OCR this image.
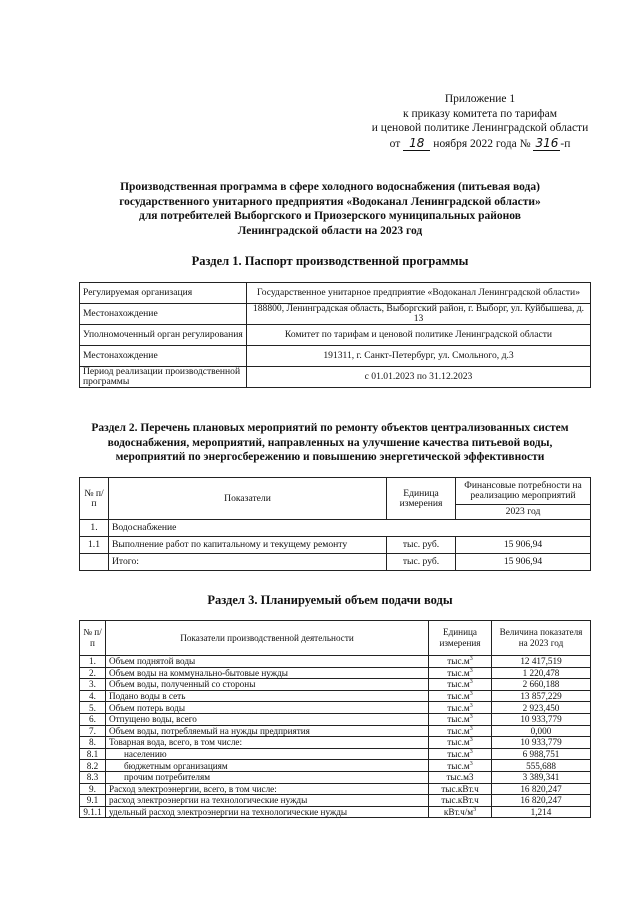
Приложение 1
к приказу комитета по тарифам
и ценовой политике Ленинградской области
от 18 ноября 2022 года № 316 -п
Производственная программа в сфере холодного водоснабжения (питьевая вода)
государственного унитарного предприятия «Водоканал Ленинградской области»
для потребителей Выборгского и Приозерского муниципальных районов
Ленинградской области на 2023 год
Раздел 1. Паспорт производственной программы
Регулируемая организация	Государственное унитарное предприятие «Водоканал Ленинградской области»
Местонахождение	188800, Ленинградская область, Выборгский район, г. Выборг, ул. Куйбышева, д. 13
Уполномоченный орган регулирования	Комитет по тарифам и ценовой политике Ленинградской области
Местонахождение	191311, г. Санкт-Петербург, ул. Смольного, д.3
Период реализации производственной программы	с 01.01.2023 по 31.12.2023
Раздел 2. Перечень плановых мероприятий по ремонту объектов централизованных систем
водоснабжения, мероприятий, направленных на улучшение качества питьевой воды,
мероприятий по энергосбережению и повышению энергетической эффективности
№ п/п	Показатели	Единица измерения	Финансовые потребности на реализацию мероприятий
			2023 год
1.	Водоснабжение		
1.1	Выполнение работ по капитальному и текущему ремонту	тыс. руб.	15 906,94
	Итого:	тыс. руб.	15 906,94
Раздел 3. Планируемый объем подачи воды
№ п/п	Показатели производственной деятельности	Единица измерения	Величина показателя на 2023 год
1.	Объем поднятой воды	$тыс.м^3$	12 417,519
2.	Объем воды на коммунально-бытовые нужды	$тыс.м^3$	1 220,478
3.	Объем воды, полученный со стороны	$тыс.м^3$	2 660,188
4.	Подано воды в сеть	$тыс.м^3$	13 857,229
5.	Объем потерь воды	$тыс.м^3$	2 923,450
6.	Отпущено воды, всего	$тыс.м^3$	10 933,779
7.	Объем воды, потребляемый на нужды предприятия	$тыс.м^3$	0,000
8.	Товарная вода, всего, в том числе:	$тыс.м^3$	10 933,779
8.1	населению	$тыс.м^3$	6 988,751
8.2	бюджетным организациям	$тыс.м^3$	555,688
8.3	прочим потребителям	тыс.м3	3 389,341
9.	Расход электроэнергии, всего, в том числе:	тыс.кВт.ч	16 820,247
9.1	расход электроэнергии на технологические нужды	тыс.кВт.ч	16 820,247
9.1.1	удельный расход электроэнергии на технологические нужды	$кВт.ч/м^3$	1,214
